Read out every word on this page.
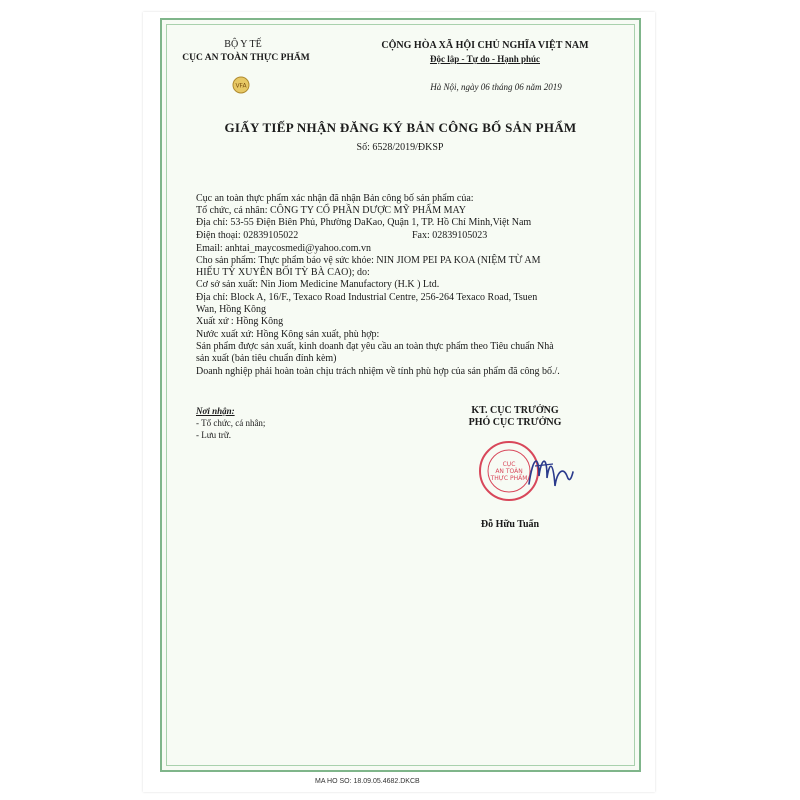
BỘ Y TẾ
CỤC AN TOÀN THỰC PHẨM
VFA
CỘNG HÒA XÃ HỘI CHỦ NGHĨA VIỆT NAM
Độc lập - Tự do - Hạnh phúc
Hà Nội, ngày 06 tháng 06 năm 2019
GIẤY TIẾP NHẬN ĐĂNG KÝ BẢN CÔNG BỐ SẢN PHẨM
Số: 6528/2019/ĐKSP
Cục an toàn thực phẩm xác nhận đã nhận Bản công bố sản phẩm của:
Tổ chức, cá nhân: CÔNG TY CỔ PHẦN DƯỢC MỸ PHẨM MAY
Địa chỉ: 53-55 Điện Biên Phủ, Phường DaKao, Quận 1, TP. Hồ Chí Minh,Việt Nam
Điện thoại: 02839105022	Fax: 02839105023
Email: anhtai_maycosmedi@yahoo.com.vn
Cho sản phẩm: Thực phẩm bảo vệ sức khỏe: NIN JIOM PEI PA KOA (NIỆM TỪ AM
HIẾU TỲ XUYÊN BỐI TỲ BÀ CAO); do:
Cơ sở sản xuất: Nin Jiom Medicine Manufactory (H.K ) Ltd.
Địa chỉ: Block A, 16/F., Texaco Road Industrial Centre, 256-264 Texaco Road, Tsuen
Wan, Hồng Kông
Xuất xứ : Hồng Kông
Nước xuất xứ: Hồng Kông sản xuất, phù hợp:
Sản phẩm được sản xuất, kinh doanh đạt yêu cầu an toàn thực phẩm theo Tiêu chuẩn Nhà
sản xuất (bản tiêu chuẩn đính kèm)
Doanh nghiệp phải hoàn toàn chịu trách nhiệm về tính phù hợp của sản phẩm đã công bố./.
Nơi nhận:
- Tổ chức, cá nhân;
- Lưu trữ.
KT. CỤC TRƯỞNG
PHÓ CỤC TRƯỞNG
CỤC
AN TOÀN
THỰC PHẨM
Đỗ Hữu Tuấn
MA HO SO: 18.09.05.4682.DKCB
